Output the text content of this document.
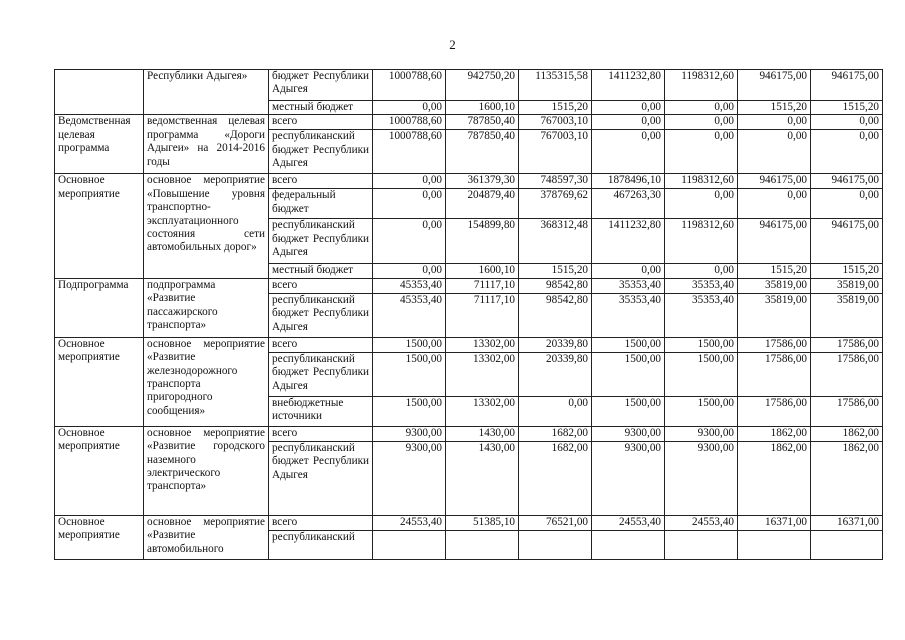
2
	Республики Адыгея»	бюджет Республики Адыгея	1000788,60	942750,20	1135315,58	1411232,80	1198312,60	946175,00	946175,00
		местный бюджет	0,00	1600,10	1515,20	0,00	0,00	1515,20	1515,20
Ведомственная целевая программа	ведомственная целевая программа «Дороги Адыгеи» на 2014-2016 годы	всего	1000788,60	787850,40	767003,10	0,00	0,00	0,00	0,00
		республиканский бюджет Республики Адыгея	1000788,60	787850,40	767003,10	0,00	0,00	0,00	0,00
Основное мероприятие	основное мероприятие «Повышение уровня транспортно-эксплуатационного состояния сети автомобильных дорог»	всего	0,00	361379,30	748597,30	1878496,10	1198312,60	946175,00	946175,00
		федеральный бюджет	0,00	204879,40	378769,62	467263,30	0,00	0,00	0,00
		республиканский бюджет Республики Адыгея	0,00	154899,80	368312,48	1411232,80	1198312,60	946175,00	946175,00
		местный бюджет	0,00	1600,10	1515,20	0,00	0,00	1515,20	1515,20
Подпрограмма	подпрограмма «Развитие пассажирского транспорта»	всего	45353,40	71117,10	98542,80	35353,40	35353,40	35819,00	35819,00
		республиканский бюджет Республики Адыгея	45353,40	71117,10	98542,80	35353,40	35353,40	35819,00	35819,00
Основное мероприятие	основное мероприятие «Развитие железнодорожного транспорта пригородного сообщения»	всего	1500,00	13302,00	20339,80	1500,00	1500,00	17586,00	17586,00
		республиканский бюджет Республики Адыгея	1500,00	13302,00	20339,80	1500,00	1500,00	17586,00	17586,00
		внебюджетные источники	1500,00	13302,00	0,00	1500,00	1500,00	17586,00	17586,00
Основное мероприятие	основное мероприятие «Развитие городского наземного электрического транспорта»	всего	9300,00	1430,00	1682,00	9300,00	9300,00	1862,00	1862,00
		республиканский бюджет Республики Адыгея	9300,00	1430,00	1682,00	9300,00	9300,00	1862,00	1862,00
Основное мероприятие	основное мероприятие «Развитие автомобильного	всего	24553,40	51385,10	76521,00	24553,40	24553,40	16371,00	16371,00
		республиканский							
